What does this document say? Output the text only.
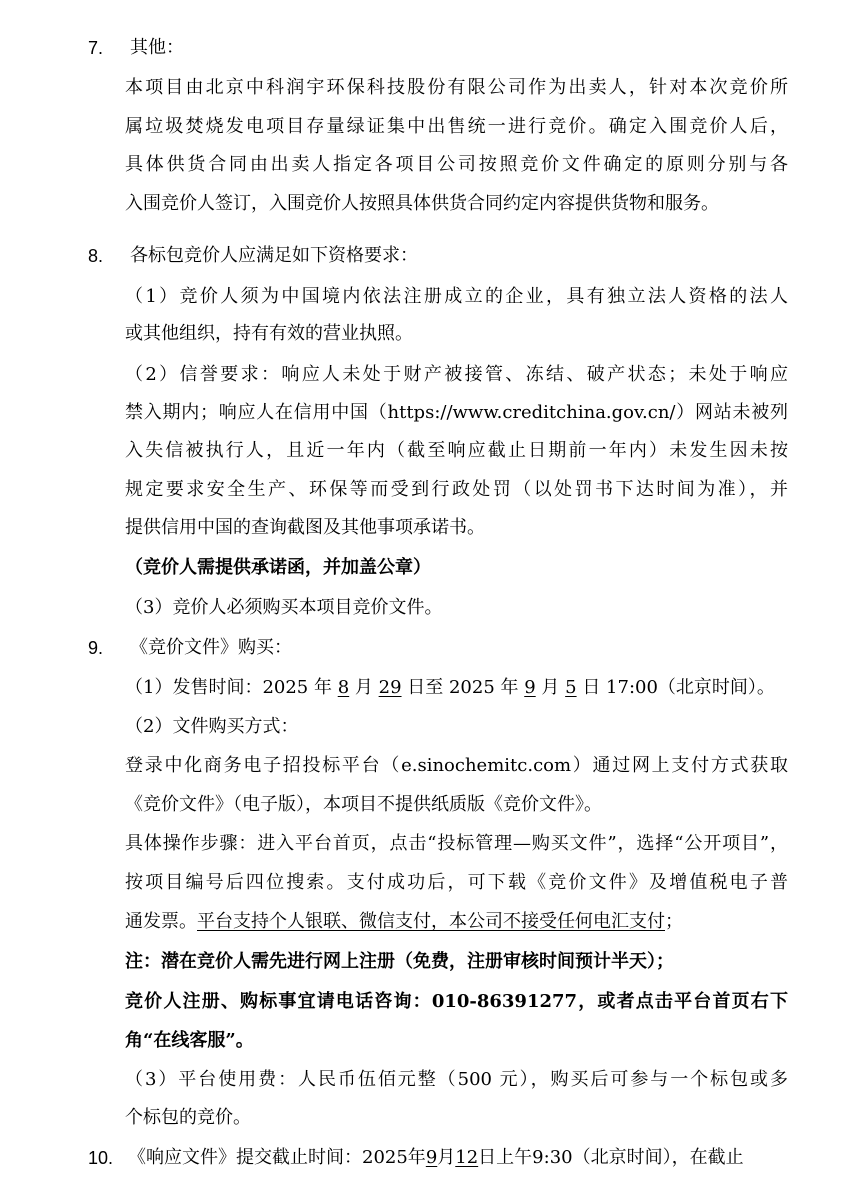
7.	其他：
本项目由北京中科润宇环保科技股份有限公司作为出卖人，针对本次竞价所
属垃圾焚烧发电项目存量绿证集中出售统一进行竞价。确定入围竞价人后，
具体供货合同由出卖人指定各项目公司按照竞价文件确定的原则分别与各
入围竞价人签订，入围竞价人按照具体供货合同约定内容提供货物和服务。
8.	各标包竞价人应满足如下资格要求：
（1）竞价人须为中国境内依法注册成立的企业，具有独立法人资格的法人
或其他组织，持有有效的营业执照。
（2）信誉要求：响应人未处于财产被接管、冻结、破产状态；未处于响应
禁入期内；响应人在信用中国（https://www.creditchina.gov.cn/）网站未被列
入失信被执行人，且近一年内（截至响应截止日期前一年内）未发生因未按
规定要求安全生产、环保等而受到行政处罚（以处罚书下达时间为准），并
提供信用中国的查询截图及其他事项承诺书。
（竞价人需提供承诺函，并加盖公章）
（3）竞价人必须购买本项目竞价文件。
9.	《竞价文件》购买：
（1）发售时间：2025 年 8 月 29 日至 2025 年 9 月 5 日 17:00（北京时间）。
（2）文件购买方式：
登录中化商务电子招投标平台（e.sinochemitc.com）通过网上支付方式获取
《竞价文件》（电子版），本项目不提供纸质版《竞价文件》。
具体操作步骤：进入平台首页，点击“投标管理—购买文件”，选择“公开项目”，
按项目编号后四位搜索。支付成功后，可下载《竞价文件》及增值税电子普
通发票。平台支持个人银联、微信支付，本公司不接受任何电汇支付；
注：潜在竞价人需先进行网上注册（免费，注册审核时间预计半天）；
竞价人注册、购标事宜请电话咨询：010-86391277，或者点击平台首页右下
角“在线客服”。
（3）平台使用费：人民币伍佰元整（500 元），购买后可参与一个标包或多
个标包的竞价。
10. 《响应文件》提交截止时间：2025年9月12日上午9:30（北京时间），在截止
